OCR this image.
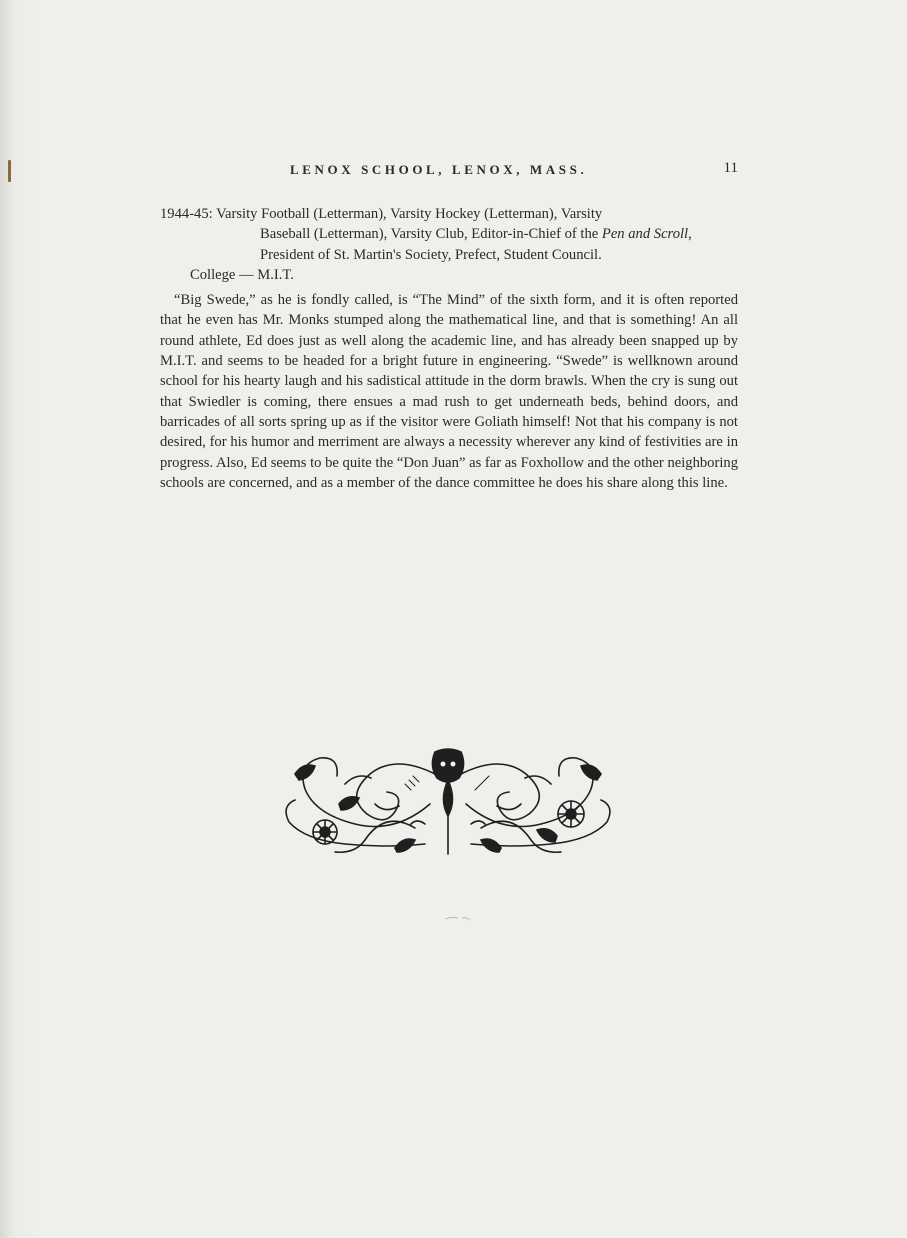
LENOX SCHOOL, LENOX, MASS.	11

1944-45: Varsity Football (Letterman), Varsity Hockey (Letterman), Varsity

Baseball (Letterman), Varsity Club, Editor-in-Chief of the Pen and Scroll, President of St. Martin's Society, Prefect, Student Council.

College — M.I.T.

“Big Swede,” as he is fondly called, is “The Mind” of the sixth form, and it is often reported that he even has Mr. Monks stumped along the mathematical line, and that is something! An all round athlete, Ed does just as well along the academic line, and has already been snapped up by M.I.T. and seems to be headed for a bright future in engineering. “Swede” is wellknown around school for his hearty laugh and his sadistical attitude in the dorm brawls. When the cry is sung out that Swiedler is coming, there ensues a mad rush to get underneath beds, behind doors, and barricades of all sorts spring up as if the visitor were Goliath himself! Not that his company is not desired, for his humor and merriment are always a necessity wherever any kind of festivities are in progress. Also, Ed seems to be quite the “Don Juan” as far as Foxhollow and the other neighboring schools are concerned, and as a member of the dance committee he does his share along this line.
